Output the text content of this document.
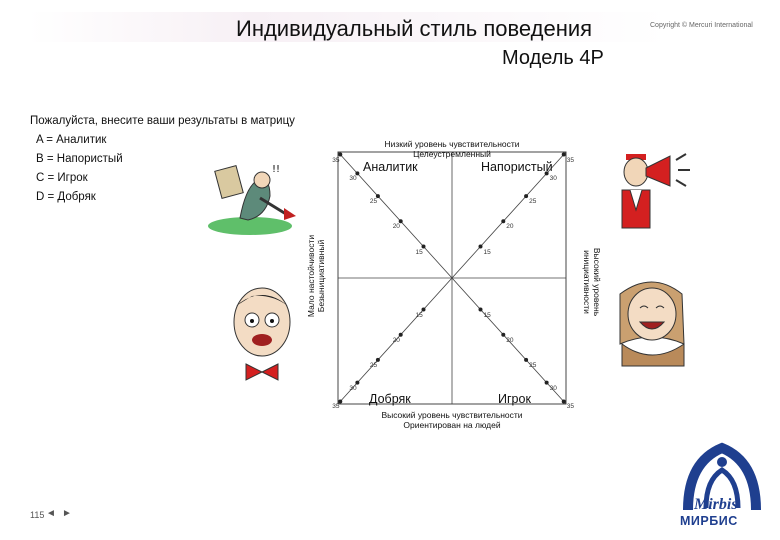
Индивидуальный стиль поведения
Модель 4Р
Copyright © Mercuri International
Пожалуйста, внесите ваши результаты в матрицу
A = Аналитик
B = Напористый
C = Игрок
D = Добряк
15	15
15	15
20	20
20	20
25	25
25	25
30	30
30	30
35	35
35	35
Низкий уровень чувствительности
Целеустремленный
Высокий уровень чувствительности
Ориентирован на людей
Мало настойчивости Безынициативный	Высокий уровень
инициативности
Аналитик	Напористый
Добряк	Игрок
!!
Mirbis
МИРБИС
115 ◄ ►
